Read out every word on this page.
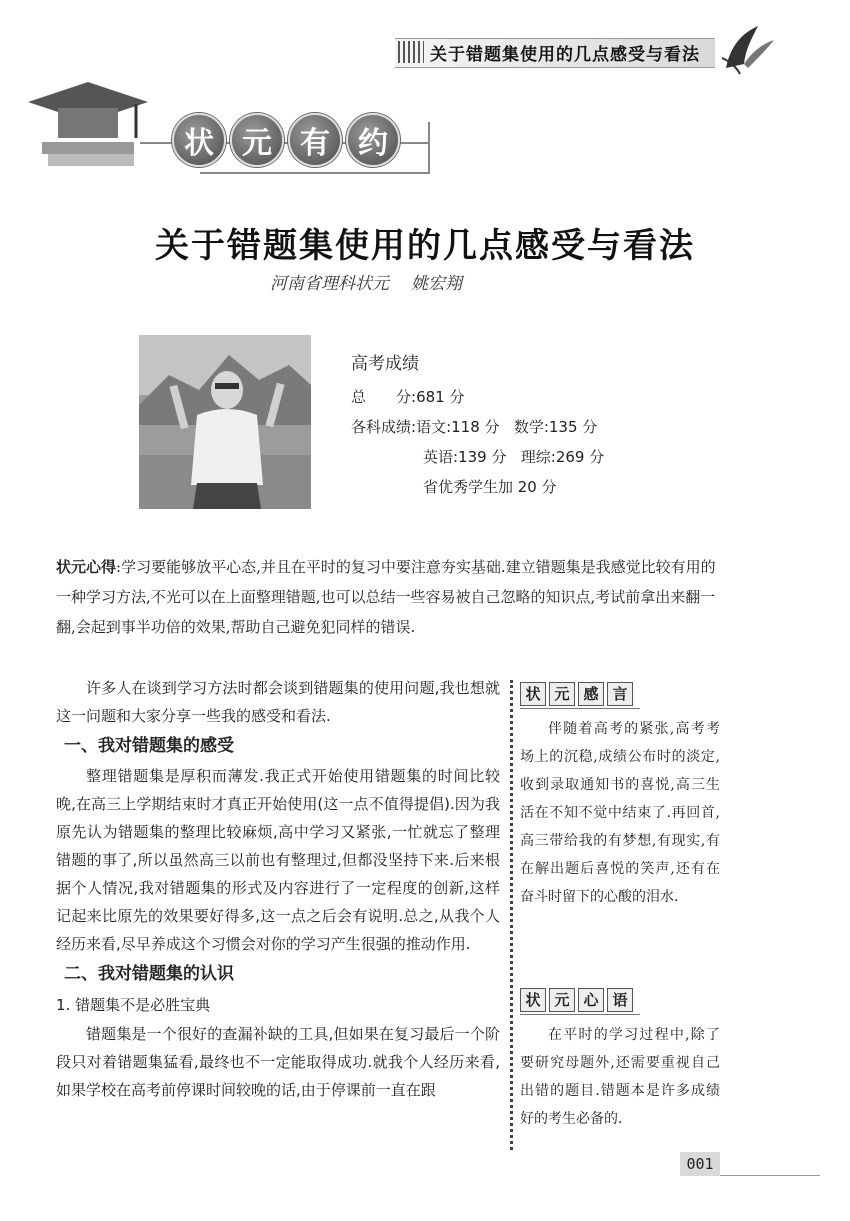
关于错题集使用的几点感受与看法
状 元 有 约
关于错题集使用的几点感受与看法
河南省理科状元 姚宏翔
高考成绩
总　　分:681 分
各科成绩:语文:118 分 数学:135 分
英语:139 分 理综:269 分
省优秀学生加 20 分
状元心得:学习要能够放平心态,并且在平时的复习中要注意夯实基础.建立错题集是我感觉比较有用的一种学习方法,不光可以在上面整理错题,也可以总结一些容易被自己忽略的知识点,考试前拿出来翻一翻,会起到事半功倍的效果,帮助自己避免犯同样的错误.

许多人在谈到学习方法时都会谈到错题集的使用问题,我也想就这一问题和大家分享一些我的感受和看法.

一、我对错题集的感受

整理错题集是厚积而薄发.我正式开始使用错题集的时间比较晚,在高三上学期结束时才真正开始使用(这一点不值得提倡).因为我原先认为错题集的整理比较麻烦,高中学习又紧张,一忙就忘了整理错题的事了,所以虽然高三以前也有整理过,但都没坚持下来.后来根据个人情况,我对错题集的形式及内容进行了一定程度的创新,这样记起来比原先的效果要好得多,这一点之后会有说明.总之,从我个人经历来看,尽早养成这个习惯会对你的学习产生很强的推动作用.

二、我对错题集的认识
1. 错题集不是必胜宝典

错题集是一个很好的查漏补缺的工具,但如果在复习最后一个阶段只对着错题集猛看,最终也不一定能取得成功.就我个人经历来看,如果学校在高考前停课时间较晚的话,由于停课前一直在跟

状 元 感 言

伴随着高考的紧张,高考考场上的沉稳,成绩公布时的淡定,收到录取通知书的喜悦,高三生活在不知不觉中结束了.再回首,高三带给我的有梦想,有现实,有在解出题后喜悦的笑声,还有在奋斗时留下的心酸的泪水.

状 元 心 语

在平时的学习过程中,除了要研究母题外,还需要重视自己出错的题目.错题本是许多成绩好的考生必备的.

001
